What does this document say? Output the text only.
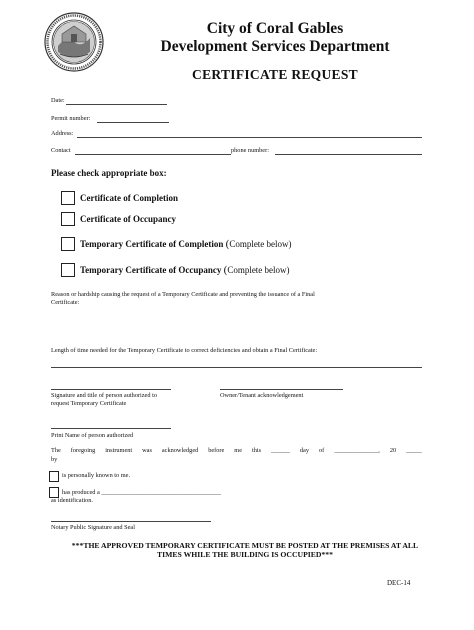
City of Coral Gables
Development Services Department
CERTIFICATE REQUEST
Date:
Permit number:
Address:
Contact	phone number:
Please check appropriate box:
Certificate of Completion
Certificate of Occupancy
Temporary Certificate of Completion (Complete below)
Temporary Certificate of Occupancy (Complete below)
Reason or hardship causing the request of a Temporary Certificate and preventing the issuance of a Final
Certificate:
Length of time needed for the Temporary Certificate to correct deficiencies and obtain a Final Certificate:
Signature and title of person authorized to
request Temporary Certificate
Owner/Tenant acknowledgement
Print Name of person authorized
The foregoing instrument was acknowledged before me this ______ day of ______________, 20 _____
by
is personally known to me.
has produced a ______________________________________
as identification.
Notary Public Signature and Seal
***THE APPROVED TEMPORARY CERTIFICATE MUST BE POSTED AT THE PREMISES AT ALL
TIMES WHILE THE BUILDING IS OCCUPIED***
DEC-14
